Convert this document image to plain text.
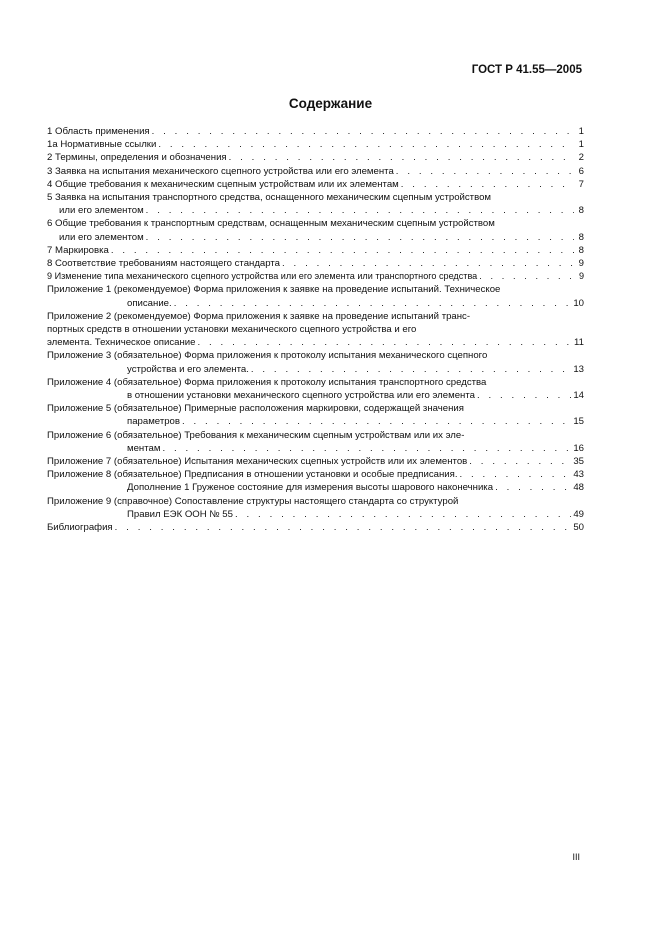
ГОСТ Р 41.55—2005
Содержание
1 Область применения . . .	1
1а Нормативные ссылки . . .	1
2 Термины, определения и обозначения . . .	2
3 Заявка на испытания механического сцепного устройства или его элемента . . .	6
4 Общие требования к механическим сцепным устройствам или их элементам . . .	7
5 Заявка на испытания транспортного средства, оснащенного механическим сцепным устройством
или его элементом . . .	8
6 Общие требования к транспортным средствам, оснащенным механическим сцепным устройством
или его элементом . . .	8
7 Маркировка . . .	8
8 Соответствие требованиям настоящего стандарта . . .	9
9 Изменение типа механического сцепного устройства или его элемента или транспортного средства . . .	9
Приложение 1 (рекомендуемое) Форма приложения к заявке на проведение испытаний. Техническое
описание. . . .	10
Приложение 2 (рекомендуемое) Форма приложения к заявке на проведение испытаний транс-
портных средств в отношении установки механического сцепного устройства и его
элемента. Техническое описание . . .	11
Приложение 3 (обязательное) Форма приложения к протоколу испытания механического сцепного
устройства и его элемента. . . .	13
Приложение 4 (обязательное) Форма приложения к протоколу испытания транспортного средства
в отношении установки механического сцепного устройства или его элемента . . .	14
Приложение 5 (обязательное) Примерные расположения маркировки, содержащей значения
параметров . . .	15
Приложение 6 (обязательное) Требования к механическим сцепным устройствам или их эле-
ментам . . .	16
Приложение 7 (обязательное) Испытания механических сцепных устройств или их элементов . . .	35
Приложение 8 (обязательное) Предписания в отношении установки и особые предписания. . . .	43
Дополнение 1 Груженое состояние для измерения высоты шарового наконечника . . .	48
Приложение 9 (справочное) Сопоставление структуры настоящего стандарта со структурой
Правил ЕЭК ООН № 55 . . .	49
Библиография . . .	50
III
